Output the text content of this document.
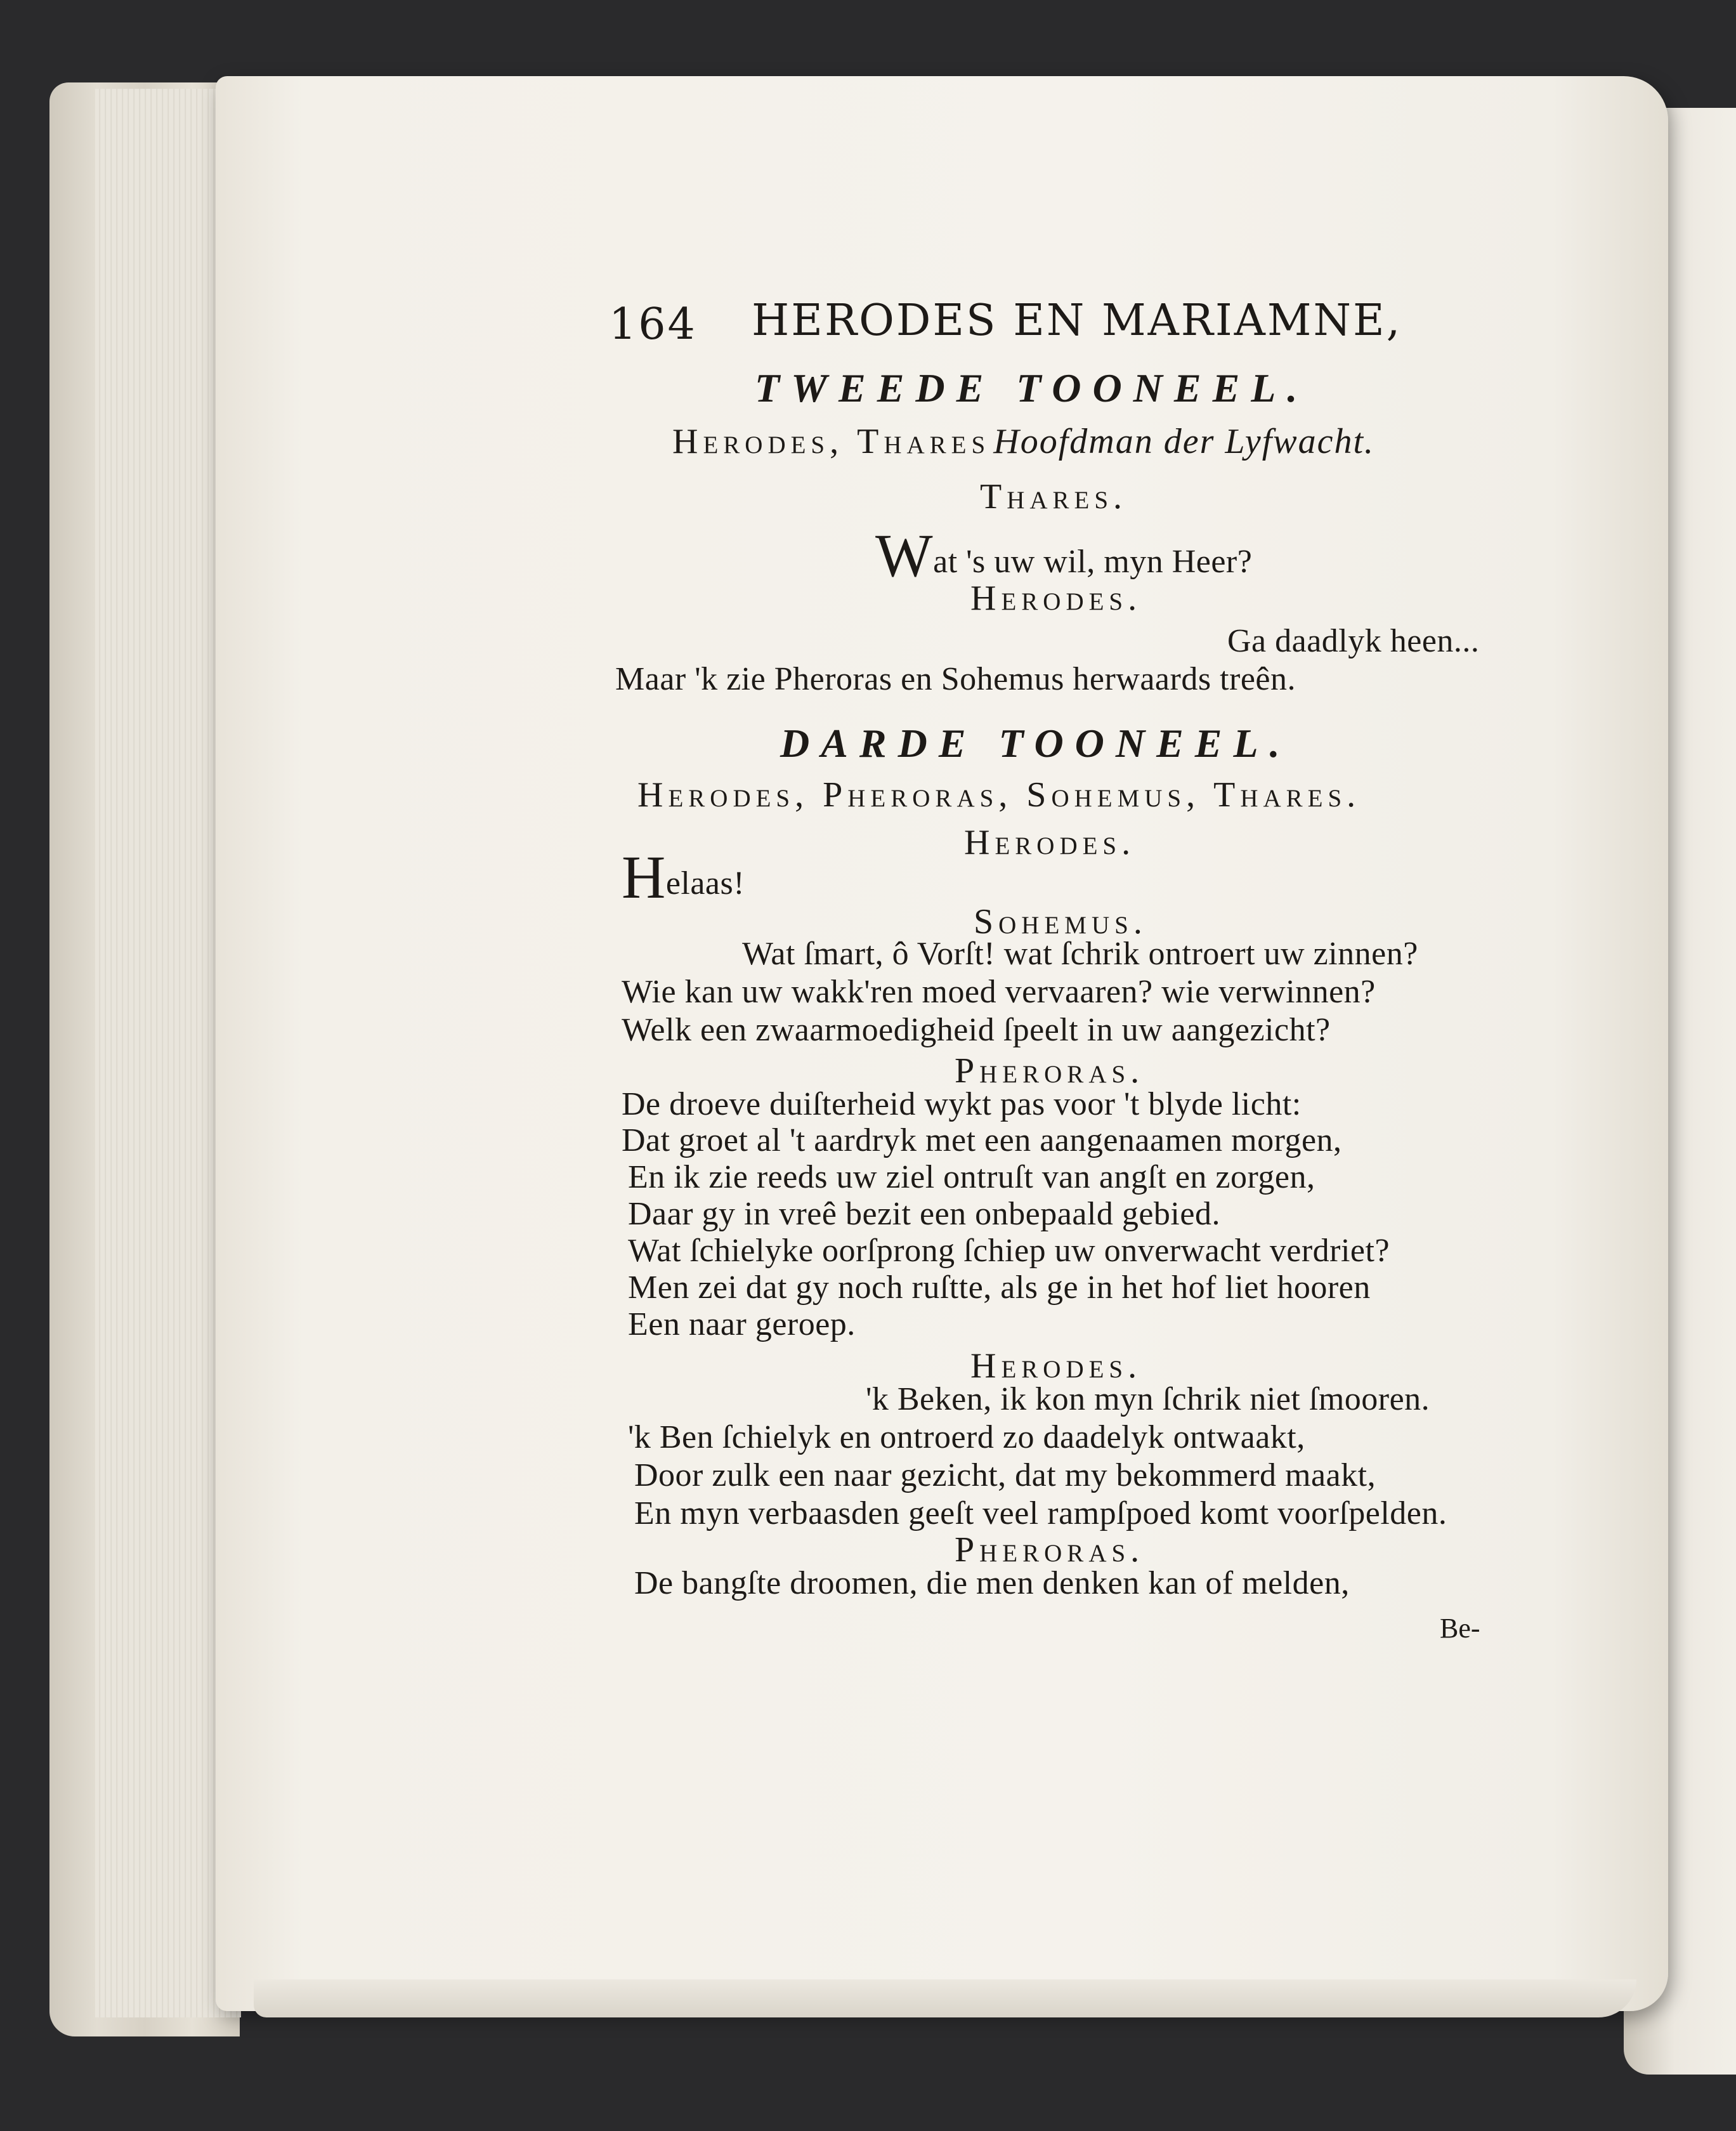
164 HERODES EN MARIAMNE,
TWEEDE TOONEEL.
Herodes, Thares Hoofdman der Lyfwacht.
Thares.
Wat 's uw wil, myn Heer?
Herodes.
Ga daadlyk heen...
Maar 'k zie Pheroras en Sohemus herwaards treên.
DARDE TOONEEL.
Herodes, Pheroras, Sohemus, Thares.
Herodes.
Helaas!
Sohemus.
Wat ſmart, ô Vorſt! wat ſchrik ontroert uw zinnen?
Wie kan uw wakk'ren moed vervaaren? wie verwinnen?
Welk een zwaarmoedigheid ſpeelt in uw aangezicht?
Pheroras.
De droeve duiſterheid wykt pas voor 't blyde licht:
Dat groet al 't aardryk met een aangenaamen morgen,
En ik zie reeds uw ziel ontruſt van angſt en zorgen,
Daar gy in vreê bezit een onbepaald gebied.
Wat ſchielyke oorſprong ſchiep uw onverwacht verdriet?
Men zei dat gy noch ruſtte, als ge in het hof liet hooren
Een naar geroep.
Herodes.
'k Beken, ik kon myn ſchrik niet ſmooren.
'k Ben ſchielyk en ontroerd zo daadelyk ontwaakt,
Door zulk een naar gezicht, dat my bekommerd maakt,
En myn verbaasden geeſt veel rampſpoed komt voorſpelden.
Pheroras.
De bangſte droomen, die men denken kan of melden,
Be-
